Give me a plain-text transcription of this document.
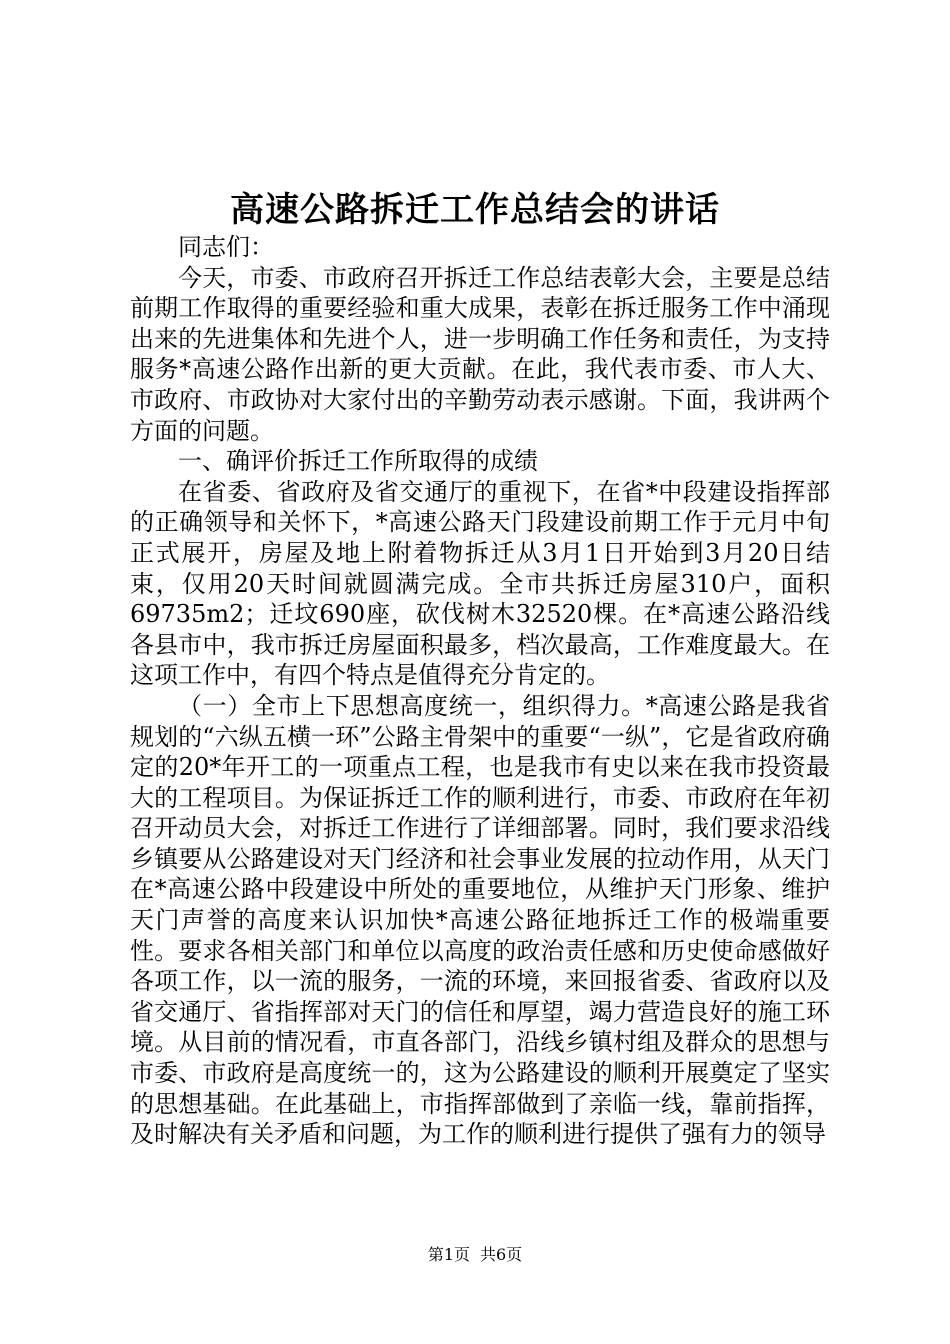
高速公路拆迁工作总结会的讲话

同志们：

今天，市委、市政府召开拆迁工作总结表彰大会，主要是总结前期工作取得的重要经验和重大成果，表彰在拆迁服务工作中涌现出来的先进集体和先进个人，进一步明确工作任务和责任，为支持服务*高速公路作出新的更大贡献。在此，我代表市委、市人大、市政府、市政协对大家付出的辛勤劳动表示感谢。下面，我讲两个方面的问题。

一、确评价拆迁工作所取得的成绩

在省委、省政府及省交通厅的重视下，在省*中段建设指挥部的正确领导和关怀下，*高速公路天门段建设前期工作于元月中旬正式展开，房屋及地上附着物拆迁从3月1日开始到3月20日结束，仅用20天时间就圆满完成。全市共拆迁房屋310户，面积69735m2；迁坟690座，砍伐树木32520棵。在*高速公路沿线各县市中，我市拆迁房屋面积最多，档次最高，工作难度最大。在这项工作中，有四个特点是值得充分肯定的。

（一）全市上下思想高度统一，组织得力。*高速公路是我省规划的“六纵五横一环”公路主骨架中的重要“一纵”，它是省政府确定的20*年开工的一项重点工程，也是我市有史以来在我市投资最大的工程项目。为保证拆迁工作的顺利进行，市委、市政府在年初召开动员大会，对拆迁工作进行了详细部署。同时，我们要求沿线乡镇要从公路建设对天门经济和社会事业发展的拉动作用，从天门在*高速公路中段建设中所处的重要地位，从维护天门形象、维护天门声誉的高度来认识加快*高速公路征地拆迁工作的极端重要性。要求各相关部门和单位以高度的政治责任感和历史使命感做好各项工作，以一流的服务，一流的环境，来回报省委、省政府以及省交通厅、省指挥部对天门的信任和厚望，竭力营造良好的施工环境。从目前的情况看，市直各部门，沿线乡镇村组及群众的思想与市委、市政府是高度统一的，这为公路建设的顺利开展奠定了坚实的思想基础。在此基础上，市指挥部做到了亲临一线，靠前指挥，及时解决有关矛盾和问题，为工作的顺利进行提供了强有力的领导

第1页 共6页
